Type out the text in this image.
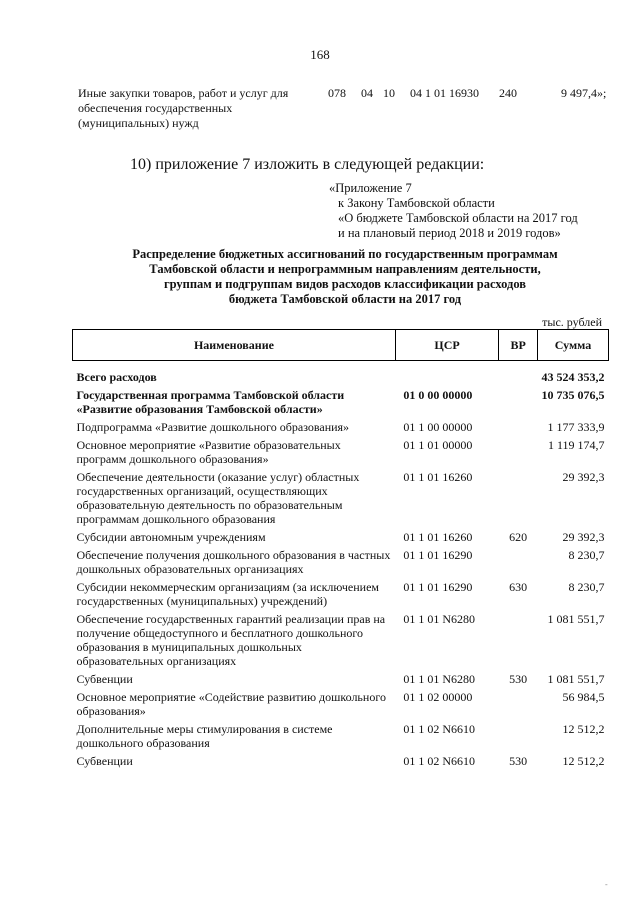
168
Иные закупки товаров, работ и услуг для обеспечения государственных (муниципальных) нужд
078 04 10 04 1 01 16930 240	9 497,4»;
10) приложение 7 изложить в следующей редакции:
«Приложение 7
к Закону Тамбовской области
«О бюджете Тамбовской области на 2017 год
и на плановый период 2018 и 2019 годов»
Распределение бюджетных ассигнований по государственным программам
Тамбовской области и непрограммным направлениям деятельности,
группам и подгруппам видов расходов классификации расходов
бюджета Тамбовской области на 2017 год
тыс. рублей
Наименование	ЦСР	ВР	Сумма
Всего расходов			43 524 353,2
Государственная программа Тамбовской области «Развитие образования Тамбовской области»	01 0 00 00000		10 735 076,5
Подпрограмма «Развитие дошкольного образования»	01 1 00 00000		1 177 333,9
Основное мероприятие «Развитие образовательных программ дошкольного образования»	01 1 01 00000		1 119 174,7
Обеспечение деятельности (оказание услуг) областных государственных организаций, осуществляющих образовательную деятельность по образовательным программам дошкольного образования	01 1 01 16260		29 392,3
Субсидии автономным учреждениям	01 1 01 16260	620	29 392,3
Обеспечение получения дошкольного образования в частных дошкольных образовательных организациях	01 1 01 16290		8 230,7
Субсидии некоммерческим организациям (за исключением государственных (муниципальных) учреждений)	01 1 01 16290	630	8 230,7
Обеспечение государственных гарантий реализации прав на получение общедоступного и бесплатного дошкольного образования в муниципальных дошкольных образовательных организациях	01 1 01 N6280		1 081 551,7
Субвенции	01 1 01 N6280	530	1 081 551,7
Основное мероприятие «Содействие развитию дошкольного образования»	01 1 02 00000		56 984,5
Дополнительные меры стимулирования в системе дошкольного образования	01 1 02 N6610		12 512,2
Субвенции	01 1 02 N6610	530	12 512,2
-
